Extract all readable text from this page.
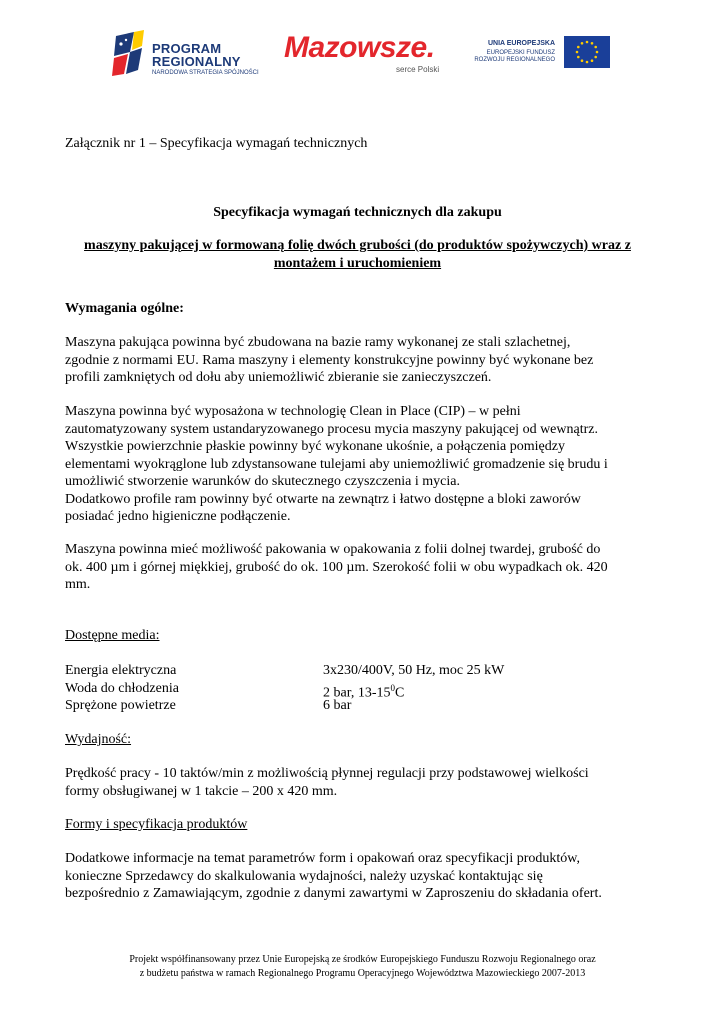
PROGRAM
REGIONALNY
NARODOWA STRATEGIA SPÓJNOŚCI
Mazowsze.
serce Polski
UNIA EUROPEJSKA
EUROPEJSKI FUNDUSZ
ROZWOJU REGIONALNEGO

Załącznik nr 1 – Specyfikacja wymagań technicznych

Specyfikacja wymagań technicznych dla zakupu

maszyny pakującej w formowaną folię dwóch grubości (do produktów spożywczych) wraz z

montażem i uruchomieniem

Wymagania ogólne:

Maszyna pakująca powinna być zbudowana na bazie ramy wykonanej ze stali szlachetnej,

zgodnie z normami EU. Rama maszyny i elementy konstrukcyjne powinny być wykonane bez

profili zamkniętych od dołu aby uniemożliwić zbieranie sie zanieczyszczeń.

Maszyna powinna być wyposażona w technologię Clean in Place (CIP) – w pełni

zautomatyzowany system ustandaryzowanego procesu mycia maszyny pakującej od wewnątrz.

Wszystkie powierzchnie płaskie powinny być wykonane ukośnie, a połączenia pomiędzy

elementami wyokrąglone lub zdystansowane tulejami aby uniemożliwić gromadzenie się brudu i

umożliwić stworzenie warunków do skutecznego czyszczenia i mycia.

Dodatkowo profile ram powinny być otwarte na zewnątrz i łatwo dostępne a bloki zaworów

posiadać jedno higieniczne podłączenie.

Maszyna powinna mieć możliwość pakowania w opakowania z folii dolnej twardej, grubość do

ok. 400 µm i górnej miękkiej, grubość do ok. 100 µm. Szerokość folii w obu wypadkach ok. 420

mm.

Dostępne media:

Energia elektryczna	3x230/400V, 50 Hz, moc 25 kW
Woda do chłodzenia	2 bar, $13-15^0C$
Sprężone powietrze	6 bar

Wydajność:

Prędkość pracy - 10 taktów/min z możliwością płynnej regulacji przy podstawowej wielkości

formy obsługiwanej w 1 takcie – 200 x 420 mm.

Formy i specyfikacja produktów

Dodatkowe informacje na temat parametrów form i opakowań oraz specyfikacji produktów,

konieczne Sprzedawcy do skalkulowania wydajności, należy uzyskać kontaktując się

bezpośrednio z Zamawiającym, zgodnie z danymi zawartymi w Zaproszeniu do składania ofert.

Projekt współfinansowany przez Unie Europejską ze środków Europejskiego Funduszu Rozwoju Regionalnego oraz
z budżetu państwa w ramach Regionalnego Programu Operacyjnego Województwa Mazowieckiego 2007-2013
